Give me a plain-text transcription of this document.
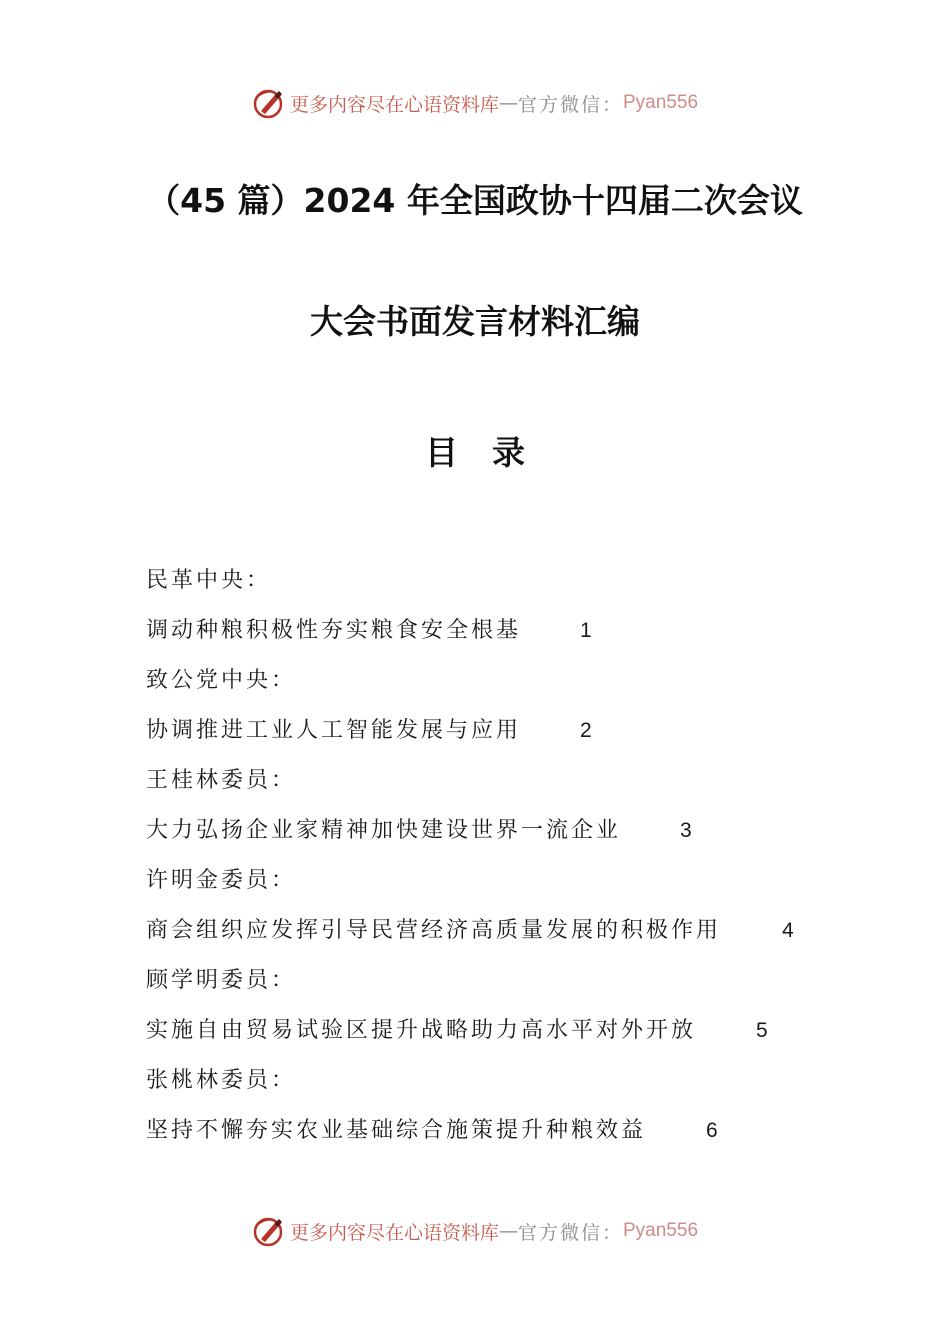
更多内容尽在心语资料库 — 官方微信： Pyan556
（45 篇）2024 年全国政协十四届二次会议
大会书面发言材料汇编
目录
民革中央：
调动种粮积极性夯实粮食安全根基	1
致公党中央：
协调推进工业人工智能发展与应用	2
王桂林委员：
大力弘扬企业家精神加快建设世界一流企业	3
许明金委员：
商会组织应发挥引导民营经济高质量发展的积极作用	4
顾学明委员：
实施自由贸易试验区提升战略助力高水平对外开放	5
张桃林委员：
坚持不懈夯实农业基础综合施策提升种粮效益	6
更多内容尽在心语资料库 — 官方微信： Pyan556
